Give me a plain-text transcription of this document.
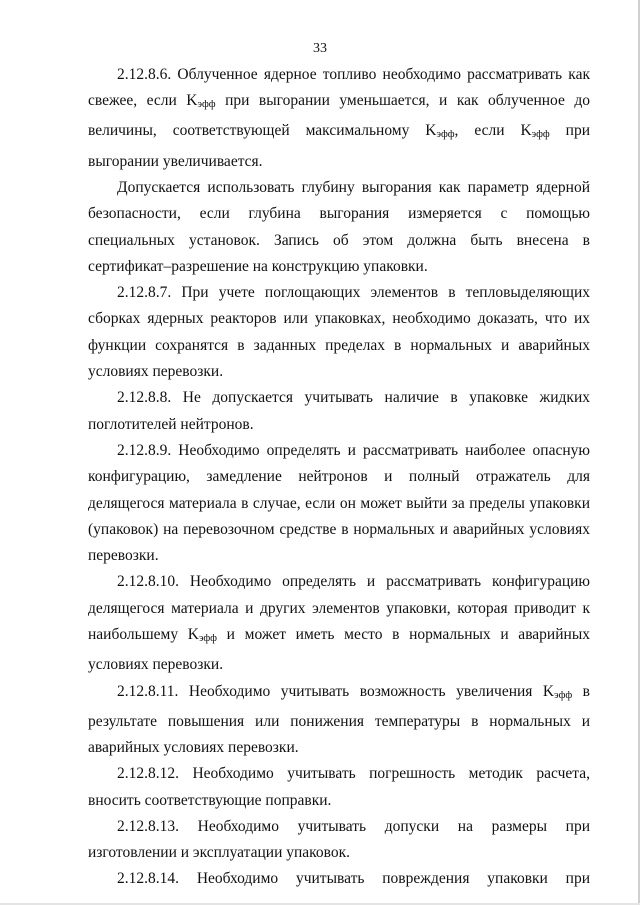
33

2.12.8.6. Облученное ядерное топливо необходимо рассматривать как свежее, если Kэфф при выгорании уменьшается, и как облученное до величины, соответствующей максимальному Kэфф, если Kэфф при выгорании увеличивается.

Допускается использовать глубину выгорания как параметр ядерной безопасности, если глубина выгорания измеряется с помощью специальных установок. Запись об этом должна быть внесена в сертификат–разрешение на конструкцию упаковки.

2.12.8.7. При учете поглощающих элементов в тепловыделяющих сборках ядерных реакторов или упаковках, необходимо доказать, что их функции сохранятся в заданных пределах в нормальных и аварийных условиях перевозки.

2.12.8.8. Не допускается учитывать наличие в упаковке жидких поглотителей нейтронов.

2.12.8.9. Необходимо определять и рассматривать наиболее опасную конфигурацию, замедление нейтронов и полный отражатель для делящегося материала в случае, если он может выйти за пределы упаковки (упаковок) на перевозочном средстве в нормальных и аварийных условиях перевозки.

2.12.8.10. Необходимо определять и рассматривать конфигурацию делящегося материала и других элементов упаковки, которая приводит к наибольшему Kэфф и может иметь место в нормальных и аварийных условиях перевозки.

2.12.8.11. Необходимо учитывать возможность увеличения Kэфф в результате повышения или понижения температуры в нормальных и аварийных условиях перевозки.

2.12.8.12. Необходимо учитывать погрешность методик расчета, вносить соответствующие поправки.

2.12.8.13. Необходимо учитывать допуски на размеры при изготовлении и эксплуатации упаковок.

2.12.8.14. Необходимо учитывать повреждения упаковки при
